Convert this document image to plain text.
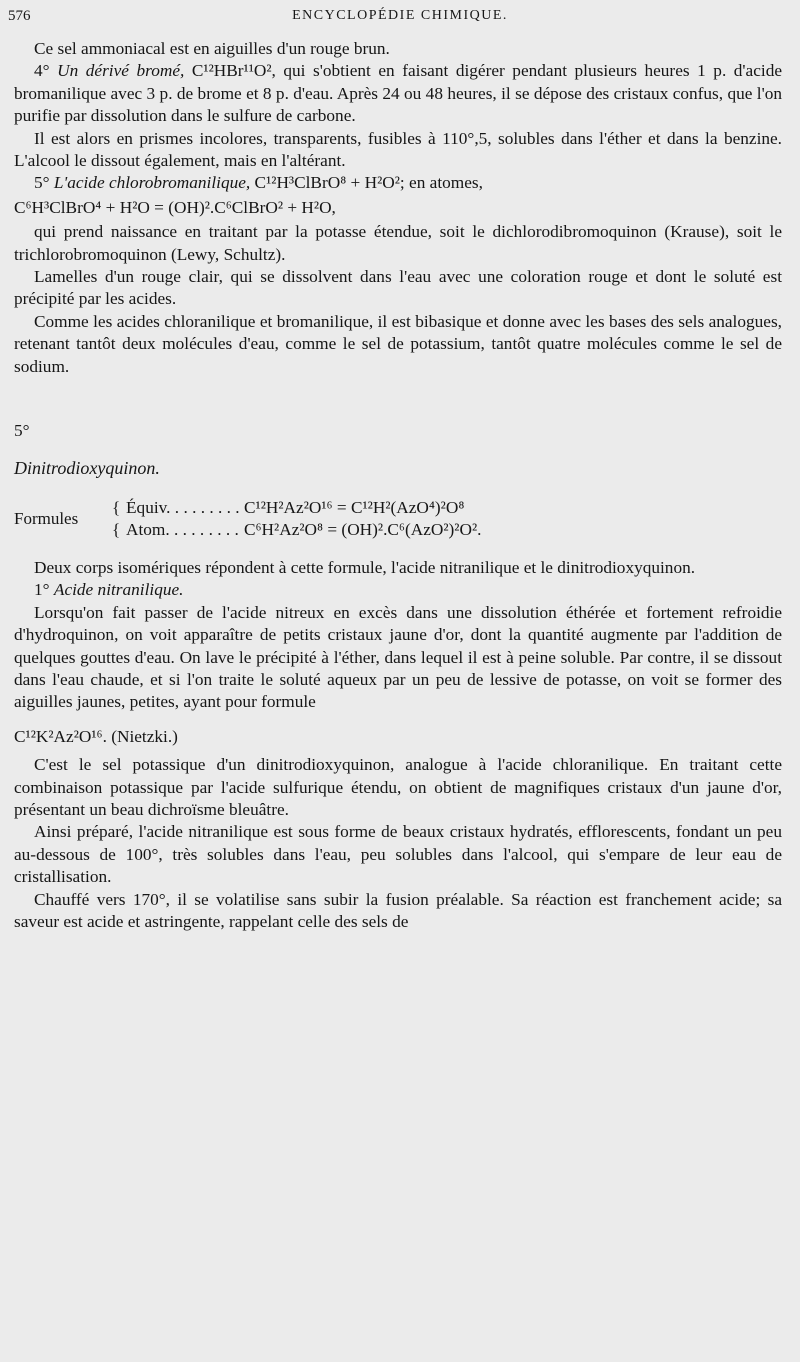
576	ENCYCLOPÉDIE CHIMIQUE.

Ce sel ammoniacal est en aiguilles d'un rouge brun.

4° Un dérivé bromé, C¹²HBr¹¹O², qui s'obtient en faisant digérer pendant plusieurs heures 1 p. d'acide bromanilique avec 3 p. de brome et 8 p. d'eau. Après 24 ou 48 heures, il se dépose des cristaux confus, que l'on purifie par dissolution dans le sulfure de carbone.

Il est alors en prismes incolores, transparents, fusibles à 110°,5, solubles dans l'éther et dans la benzine. L'alcool le dissout également, mais en l'altérant.

5° L'acide chlorobromanilique, C¹²H³ClBrO⁸ + H²O²; en atomes,

C⁶H³ClBrO⁴ + H²O = (OH)².C⁶ClBrO² + H²O,

qui prend naissance en traitant par la potasse étendue, soit le dichlorodibromoquinon (Krause), soit le trichlorobromoquinon (Lewy, Schultz).

Lamelles d'un rouge clair, qui se dissolvent dans l'eau avec une coloration rouge et dont le soluté est précipité par les acides.

Comme les acides chloranilique et bromanilique, il est bibasique et donne avec les bases des sels analogues, retenant tantôt deux molécules d'eau, comme le sel de potassium, tantôt quatre molécules comme le sel de sodium.

5°

Dinitrodioxyquinon.

Formules
{
{
Équiv. . . . . . . . . C¹²H²Az²O¹⁶ = C¹²H²(AzO⁴)²O⁸
Atom. . . . . . . . . C⁶H²Az²O⁸ = (OH)².C⁶(AzO²)²O².

Deux corps isomériques répondent à cette formule, l'acide nitranilique et le dinitrodioxyquinon.

1° Acide nitranilique.

Lorsqu'on fait passer de l'acide nitreux en excès dans une dissolution éthérée et fortement refroidie d'hydroquinon, on voit apparaître de petits cristaux jaune d'or, dont la quantité augmente par l'addition de quelques gouttes d'eau. On lave le précipité à l'éther, dans lequel il est à peine soluble. Par contre, il se dissout dans l'eau chaude, et si l'on traite le soluté aqueux par un peu de lessive de potasse, on voit se former des aiguilles jaunes, petites, ayant pour formule

C¹²K²Az²O¹⁶. (Nietzki.)

C'est le sel potassique d'un dinitrodioxyquinon, analogue à l'acide chloranilique. En traitant cette combinaison potassique par l'acide sulfurique étendu, on obtient de magnifiques cristaux d'un jaune d'or, présentant un beau dichroïsme bleuâtre.

Ainsi préparé, l'acide nitranilique est sous forme de beaux cristaux hydratés, efflorescents, fondant un peu au-dessous de 100°, très solubles dans l'eau, peu solubles dans l'alcool, qui s'empare de leur eau de cristallisation.

Chauffé vers 170°, il se volatilise sans subir la fusion préalable. Sa réaction est franchement acide; sa saveur est acide et astringente, rappelant celle des sels de
